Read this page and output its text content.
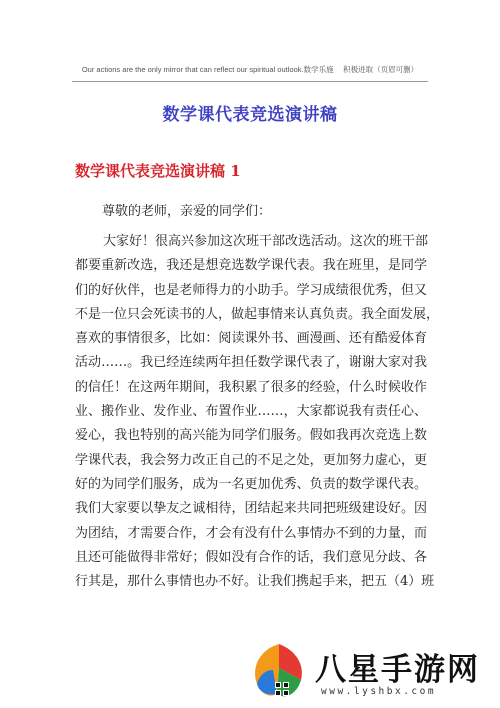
Our actions are the only mirror that can reflect our spiritual outlook.数学乐施　 积极进取（页眉可删）
数学课代表竞选演讲稿
数学课代表竞选演讲稿 1
尊敬的老师，亲爱的同学们：
大家好！很高兴参加这次班干部改选活动。这次的班干部
都要重新改选，我还是想竞选数学课代表。我在班里，是同学
们的好伙伴，也是老师得力的小助手。学习成绩很优秀，但又
不是一位只会死读书的人，做起事情来认真负责。我全面发展，
喜欢的事情很多，比如：阅读课外书、画漫画、还有酷爱体育
活动……。我已经连续两年担任数学课代表了，谢谢大家对我
的信任！在这两年期间，我积累了很多的经验，什么时候收作
业、搬作业、发作业、布置作业……，大家都说我有责任心、
爱心，我也特别的高兴能为同学们服务。假如我再次竞选上数
学课代表，我会努力改正自己的不足之处，更加努力虚心，更
好的为同学们服务，成为一名更加优秀、负责的数学课代表。
我们大家要以挚友之诚相待，团结起来共同把班级建设好。因
为团结，才需要合作，才会有没有什么事情办不到的力量，而
且还可能做得非常好；假如没有合作的话，我们意见分歧、各
行其是，那什么事情也办不好。让我们携起手来，把五（4）班
八星手游网
www.lyshbx.com
